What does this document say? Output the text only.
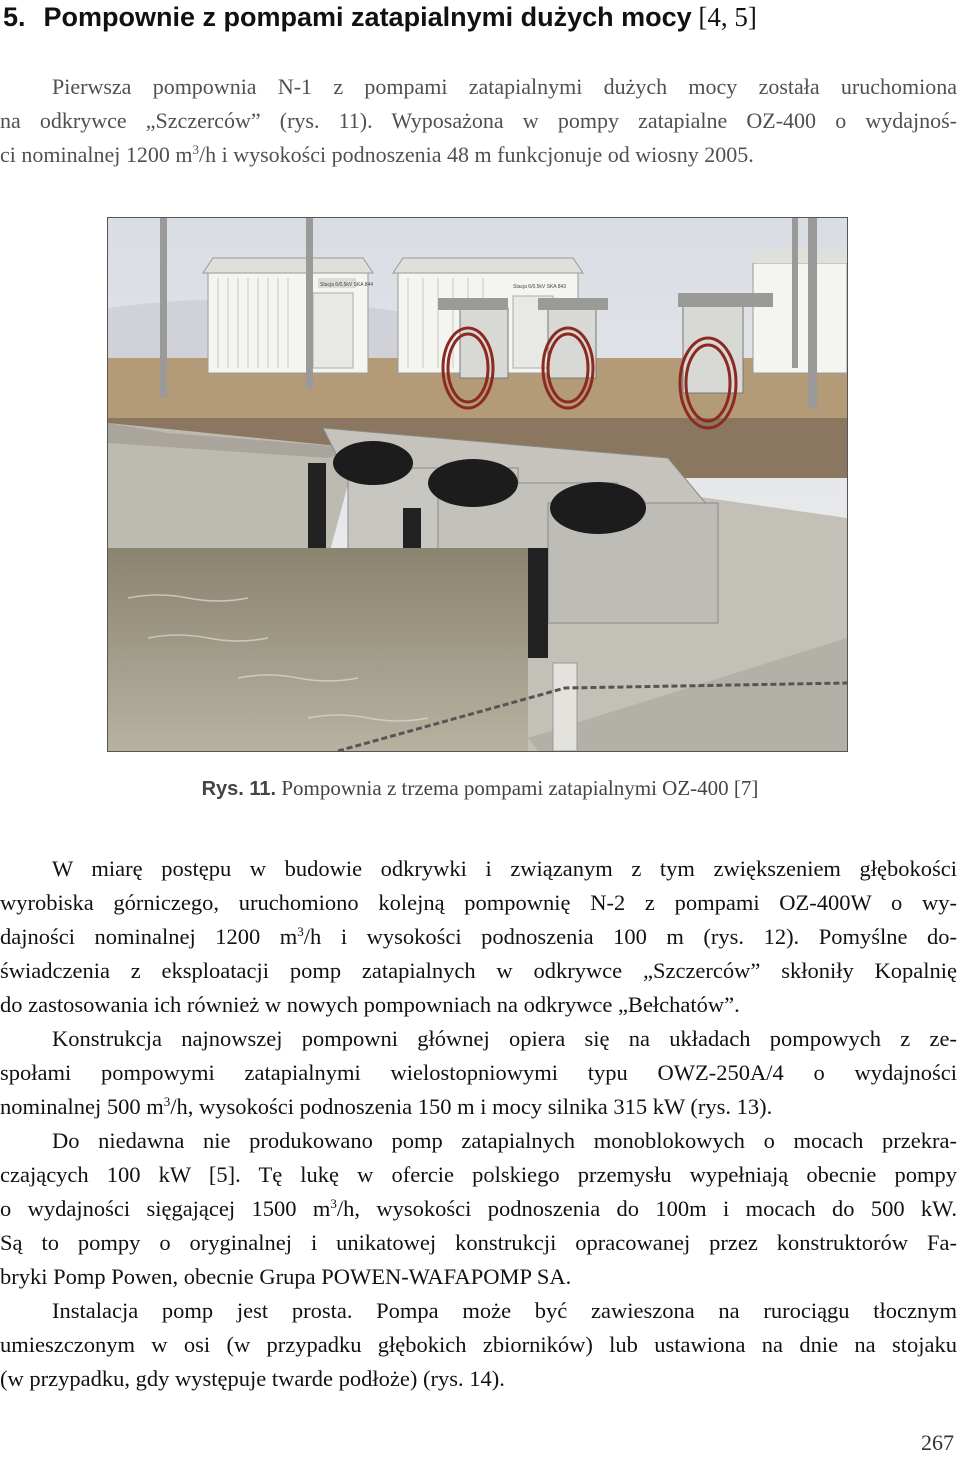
5. Pompownie z pompami zatapialnymi dużych mocy [4, 5]

Pierwsza pompownia N-1 z pompami zatapialnymi dużych mocy została uruchomiona
na odkrywce „Szczerców” (rys. 11). Wyposażona w pompy zatapialne OZ-400 o wydajnoś-
ci nominalnej 1200 $m^3/h$ i wysokości podnoszenia 48 m funkcjonuje od wiosny 2005.

Stacja 6/0,5kV SKA 844	Stacja 6/0,5kV SKA 843

Rys. 11. Pompownia z trzema pompami zatapialnymi OZ-400 [7]

W miarę postępu w budowie odkrywki i związanym z tym zwiększeniem głębokości
wyrobiska górniczego, uruchomiono kolejną pompownię N-2 z pompami OZ-400W o wy-
dajności nominalnej 1200 $m^3/h$ i wysokości podnoszenia 100 m (rys. 12). Pomyślne do-
świadczenia z eksploatacji pomp zatapialnych w odkrywce „Szczerców” skłoniły Kopalnię
do zastosowania ich również w nowych pompowniach na odkrywce „Bełchatów”.

Konstrukcja najnowszej pompowni głównej opiera się na układach pompowych z ze-
społami pompowymi zatapialnymi wielostopniowymi typu OWZ-250A/4 o wydajności
nominalnej 500 $m^3/h$, wysokości podnoszenia 150 m i mocy silnika 315 kW (rys. 13).

Do niedawna nie produkowano pomp zatapialnych monoblokowych o mocach przekra-
czających 100 kW [5]. Tę lukę w ofercie polskiego przemysłu wypełniają obecnie pompy
o wydajności sięgającej 1500 $m^3/h$, wysokości podnoszenia do 100m i mocach do 500 kW.
Są to pompy o oryginalnej i unikatowej konstrukcji opracowanej przez konstruktorów Fa-
bryki Pomp Powen, obecnie Grupa POWEN-WAFAPOMP SA.

Instalacja pomp jest prosta. Pompa może być zawieszona na rurociągu tłocznym
umieszczonym w osi (w przypadku głębokich zbiorników) lub ustawiona na dnie na stojaku
(w przypadku, gdy występuje twarde podłoże) (rys. 14).

267
